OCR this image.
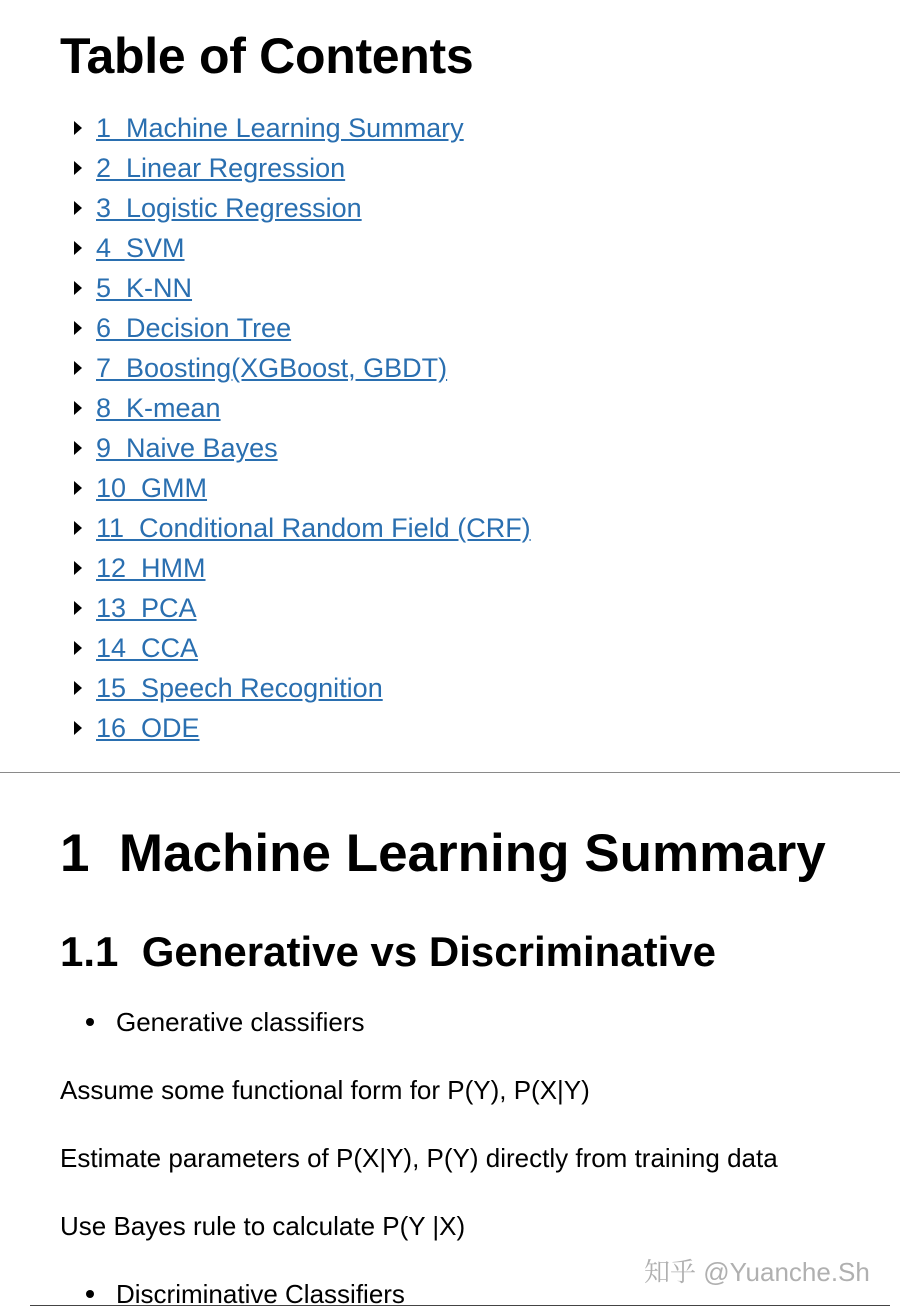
Table of Contents
1  Machine Learning Summary
2  Linear Regression
3  Logistic Regression
4  SVM
5  K-NN
6  Decision Tree
7  Boosting(XGBoost, GBDT)
8  K-mean
9  Naive Bayes
10  GMM
11  Conditional Random Field (CRF)
12  HMM
13  PCA
14  CCA
15  Speech Recognition
16  ODE
1  Machine Learning Summary
1.1  Generative vs Discriminative
Generative classifiers

Assume some functional form for P(Y), P(X|Y)

Estimate parameters of P(X|Y), P(Y) directly from training data

Use Bayes rule to calculate P(Y |X)

Discriminative Classifiers
知乎 @Yuanche.Sh
